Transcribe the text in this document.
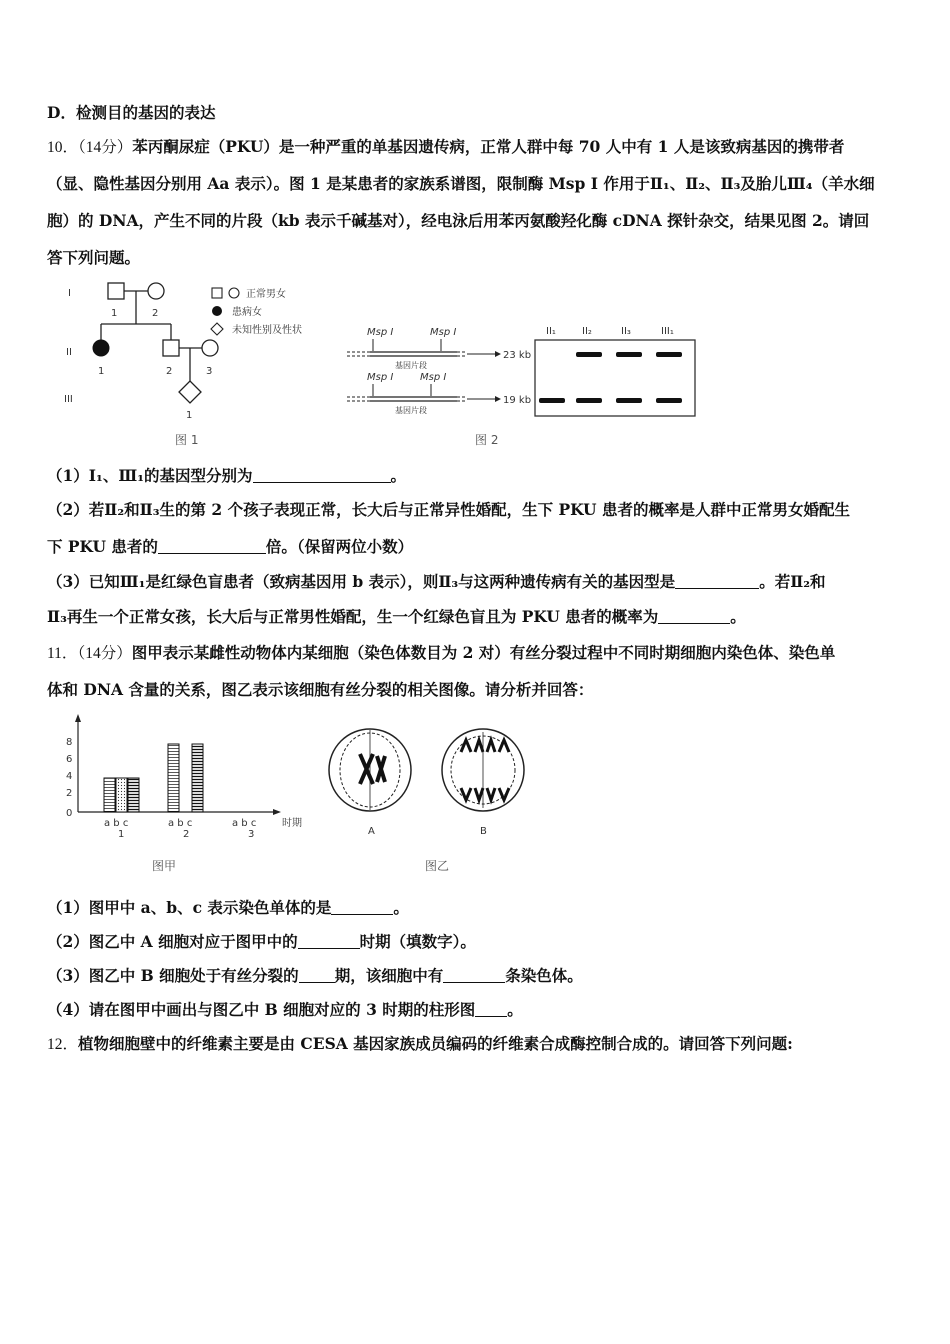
D．检测目的基因的表达
10．（14分）苯丙酮尿症（PKU）是一种严重的单基因遗传病，正常人群中每 70 人中有 1 人是该致病基因的携带者
（显、隐性基因分别用 Aa 表示）。图 1 是某患者的家族系谱图，限制酶 Msp I 作用于Ⅱ₁、Ⅱ₂、Ⅱ₃及胎儿Ⅲ₄（羊水细
胞）的 DNA，产生不同的片段（kb 表示千碱基对），经电泳后用苯丙氨酸羟化酶 cDNA 探针杂交，结果见图 2。请回
答下列问题。
I
II
III
1	2
1	2	3
1
正常男女
患病女
未知性别及性状
图 1
Msp I	Msp I
基因片段
23 kb
Msp I	Msp I
基因片段
19 kb
II₁	II₂	II₃	III₁
图 2
（1）I₁、Ⅲ₁的基因型分别为	。
（2）若Ⅱ₂和Ⅱ₃生的第 2 个孩子表现正常，长大后与正常异性婚配，生下 PKU 患者的概率是人群中正常男女婚配生
下 PKU 患者的	倍。（保留两位小数）
（3）已知Ⅲ₁是红绿色盲患者（致病基因用 b 表示），则Ⅱ₃与这两种遗传病有关的基因型是	。若Ⅱ₂和
Ⅱ₃再生一个正常女孩，长大后与正常男性婚配，生一个红绿色盲且为 PKU 患者的概率为	。
11．（14分）图甲表示某雌性动物体内某细胞（染色体数目为 2 对）有丝分裂过程中不同时期细胞内染色体、染色单
体和 DNA 含量的关系，图乙表示该细胞有丝分裂的相关图像。请分析并回答：
8
6
4
2
0
a b c	a b c	a b c
1	2	3
时期
图甲
A	B
图乙
（1）图甲中 a、b、c 表示染色单体的是	。
（2）图乙中 A 细胞对应于图甲中的	时期（填数字）。
（3）图乙中 B 细胞处于有丝分裂的 期，该细胞中有	条染色体。
（4）请在图甲中画出与图乙中 B 细胞对应的 3 时期的柱形图 。
12．植物细胞壁中的纤维素主要是由 CESA 基因家族成员编码的纤维素合成酶控制合成的。请回答下列问题:
